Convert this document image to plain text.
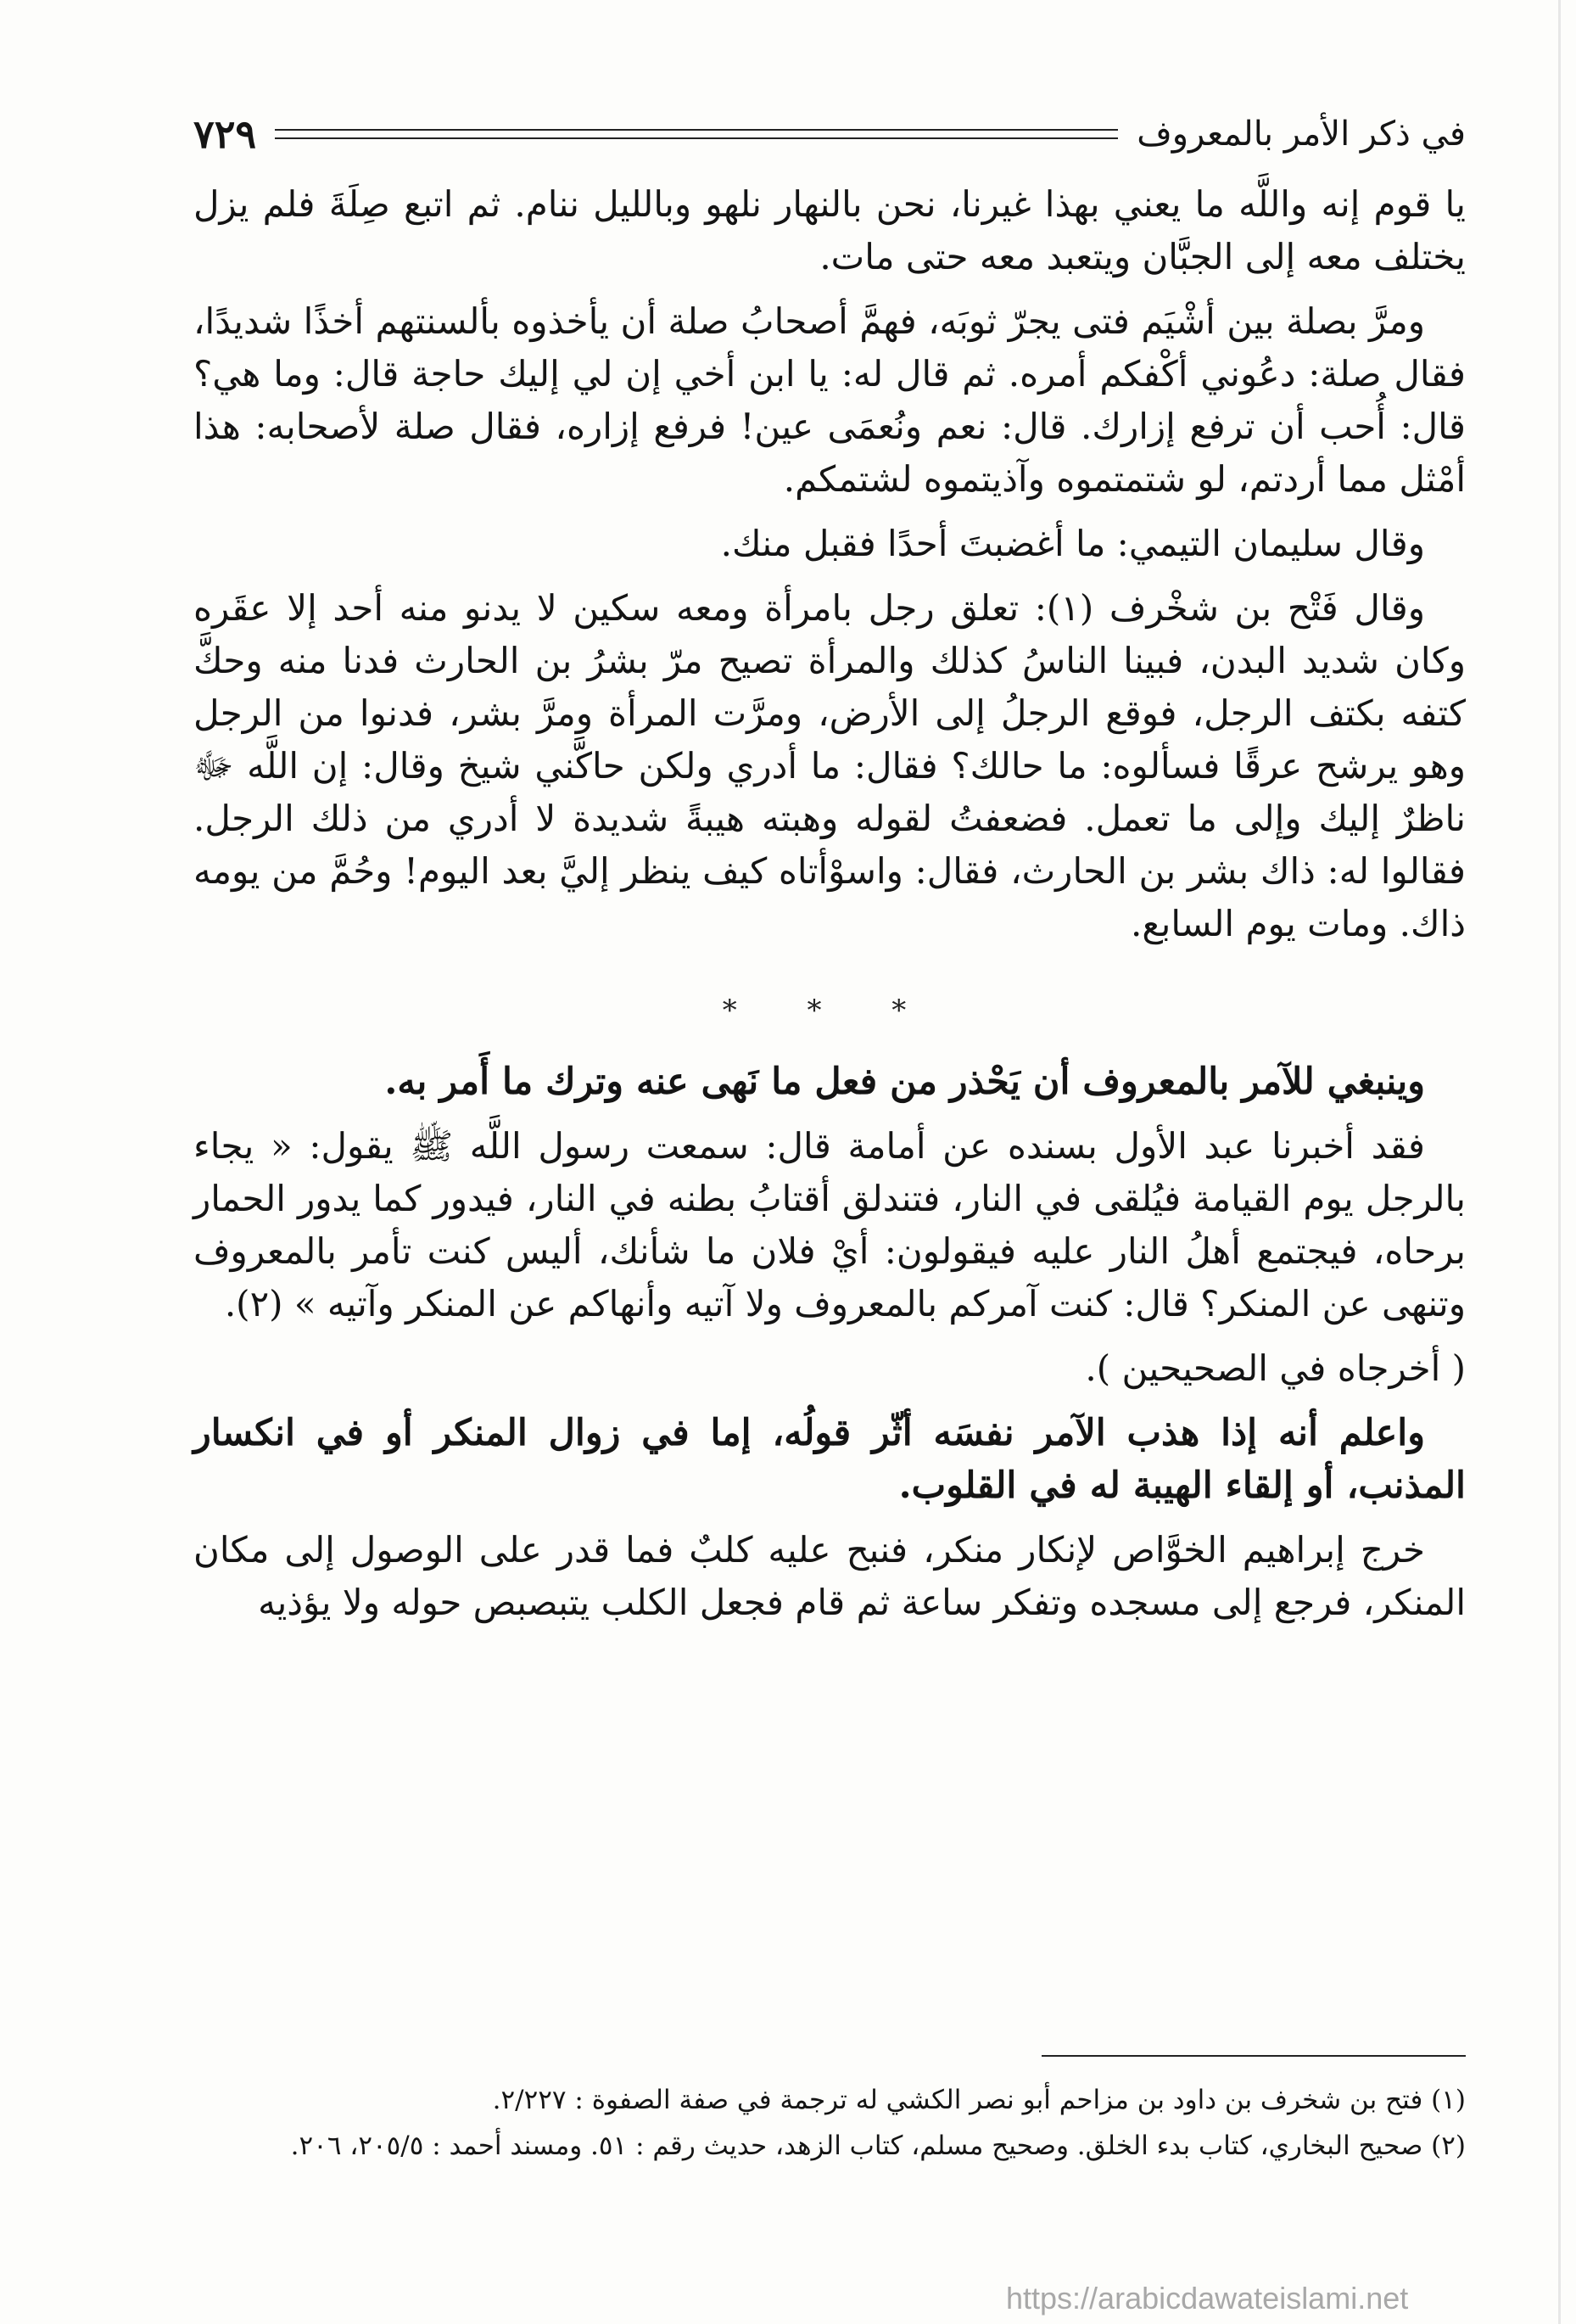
في ذكر الأمر بالمعروف
٧٢٩

يا قوم إنه واللَّه ما يعني بهذا غيرنا، نحن بالنهار نلهو وبالليل ننام. ثم اتبع صِلَةَ فلم يزل يختلف معه إلى الجبَّان ويتعبد معه حتى مات.

ومرَّ بصلة بين أشْيَم فتى يجرّ ثوبَه، فهمَّ أصحابُ صلة أن يأخذوه بألسنتهم أخذًا شديدًا، فقال صلة: دعُوني أكْفكم أمره. ثم قال له: يا ابن أخي إن لي إليك حاجة قال: وما هي؟ قال: أُحب أن ترفع إزارك. قال: نعم ونُعمَى عين! فرفع إزاره، فقال صلة لأصحابه: هذا أمْثل مما أردتم، لو شتمتموه وآذيتموه لشتمكم.

وقال سليمان التيمي: ما أغضبتَ أحدًا فقبل منك.

وقال فَتْح بن شخْرف (١): تعلق رجل بامرأة ومعه سكين لا يدنو منه أحد إلا عقَره وكان شديد البدن، فبينا الناسُ كذلك والمرأة تصيح مرّ بشرُ بن الحارث فدنا منه وحكَّ كتفه بكتف الرجل، فوقع الرجلُ إلى الأرض، ومرَّت المرأة ومرَّ بشر، فدنوا من الرجل وهو يرشح عرقًا فسألوه: ما حالك؟ فقال: ما أدري ولكن حاكَّني شيخ وقال: إن اللَّه ﷻ ناظرٌ إليك وإلى ما تعمل. فضعفتُ لقوله وهبته هيبةً شديدة لا أدري من ذلك الرجل. فقالوا له: ذاك بشر بن الحارث، فقال: واسوْأتاه كيف ينظر إليَّ بعد اليوم! وحُمَّ من يومه ذاك. ومات يوم السابع.

* * *

وينبغي للآمر بالمعروف أن يَحْذر من فعل ما نَهى عنه وترك ما أَمر به.

فقد أخبرنا عبد الأول بسنده عن أمامة قال: سمعت رسول اللَّه ﷺ يقول: « يجاء بالرجل يوم القيامة فيُلقى في النار، فتندلق أقتابُ بطنه في النار، فيدور كما يدور الحمار برحاه، فيجتمع أهلُ النار عليه فيقولون: أيْ فلان ما شأنك، أليس كنت تأمر بالمعروف وتنهى عن المنكر؟ قال: كنت آمركم بالمعروف ولا آتيه وأنهاكم عن المنكر وآتيه » (٢).

( أخرجاه في الصحيحين ).

واعلم أنه إذا هذب الآمر نفسَه أثّر قولُه، إما في زوال المنكر أو في انكسار المذنب، أو إلقاء الهيبة له في القلوب.

خرج إبراهيم الخوَّاص لإنكار منكر، فنبح عليه كلبٌ فما قدر على الوصول إلى مكان المنكر، فرجع إلى مسجده وتفكر ساعة ثم قام فجعل الكلب يتبصبص حوله ولا يؤذيه

(١) فتح بن شخرف بن داود بن مزاحم أبو نصر الكشي له ترجمة في صفة الصفوة : ٢/٢٢٧.
(٢) صحيح البخاري، كتاب بدء الخلق. وصحيح مسلم، كتاب الزهد، حديث رقم : ٥١. ومسند أحمد : ٢٠٥/٥، ٢٠٦.
https://arabicdawateislami.net
